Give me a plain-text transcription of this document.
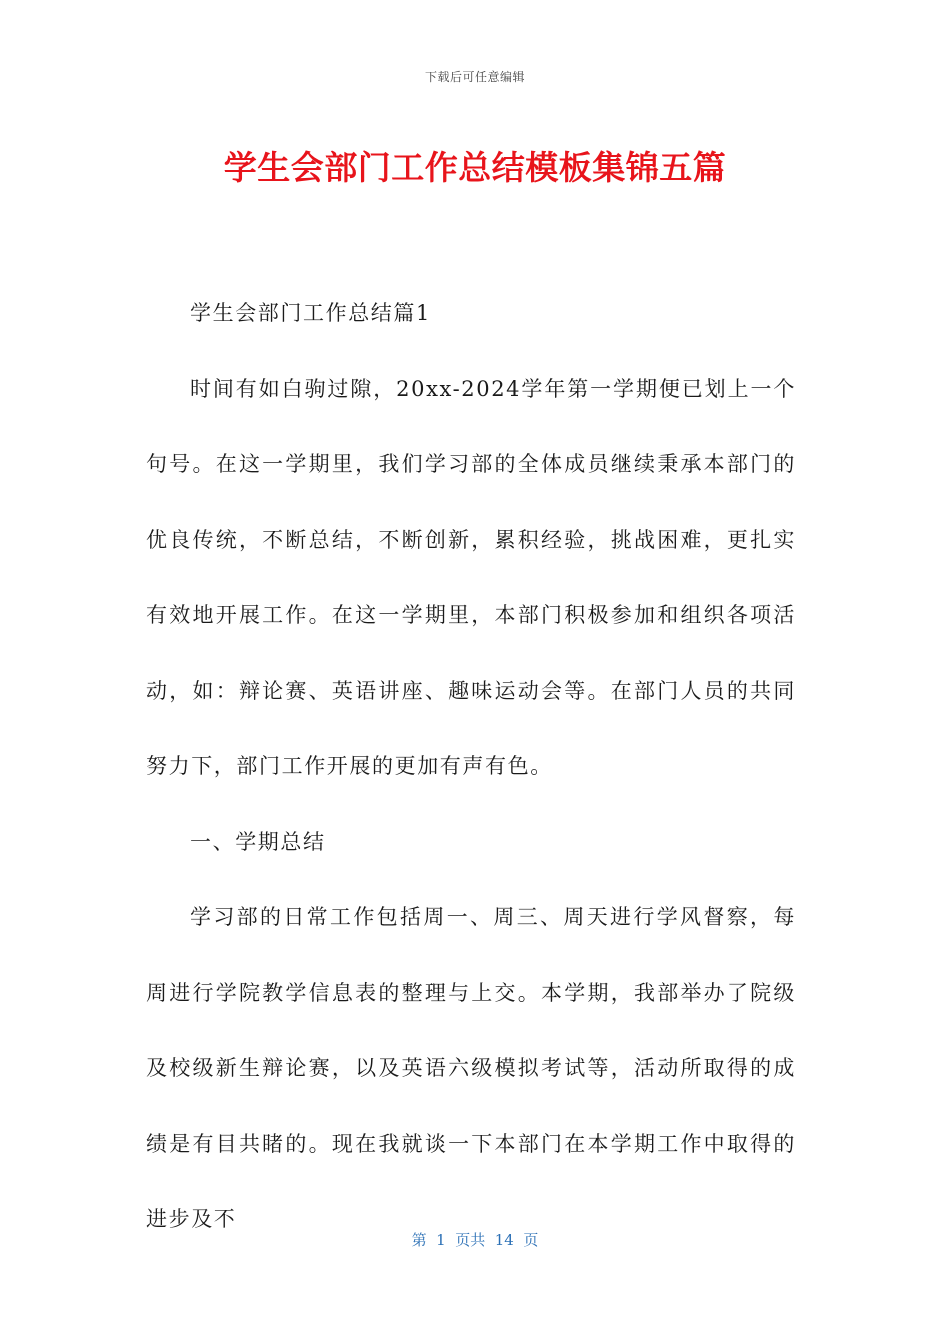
下载后可任意编辑
学生会部门工作总结模板集锦五篇

学生会部门工作总结篇1

时间有如白驹过隙，20xx-2024学年第一学期便已划上一个句号。在这一学期里，我们学习部的全体成员继续秉承本部门的优良传统，不断总结，不断创新，累积经验，挑战困难，更扎实有效地开展工作。在这一学期里，本部门积极参加和组织各项活动，如：辩论赛、英语讲座、趣味运动会等。在部门人员的共同努力下，部门工作开展的更加有声有色。

一、学期总结

学习部的日常工作包括周一、周三、周天进行学风督察，每周进行学院教学信息表的整理与上交。本学期，我部举办了院级及校级新生辩论赛，以及英语六级模拟考试等，活动所取得的成绩是有目共睹的。现在我就谈一下本部门在本学期工作中取得的进步及不

第  1  页共  14  页
